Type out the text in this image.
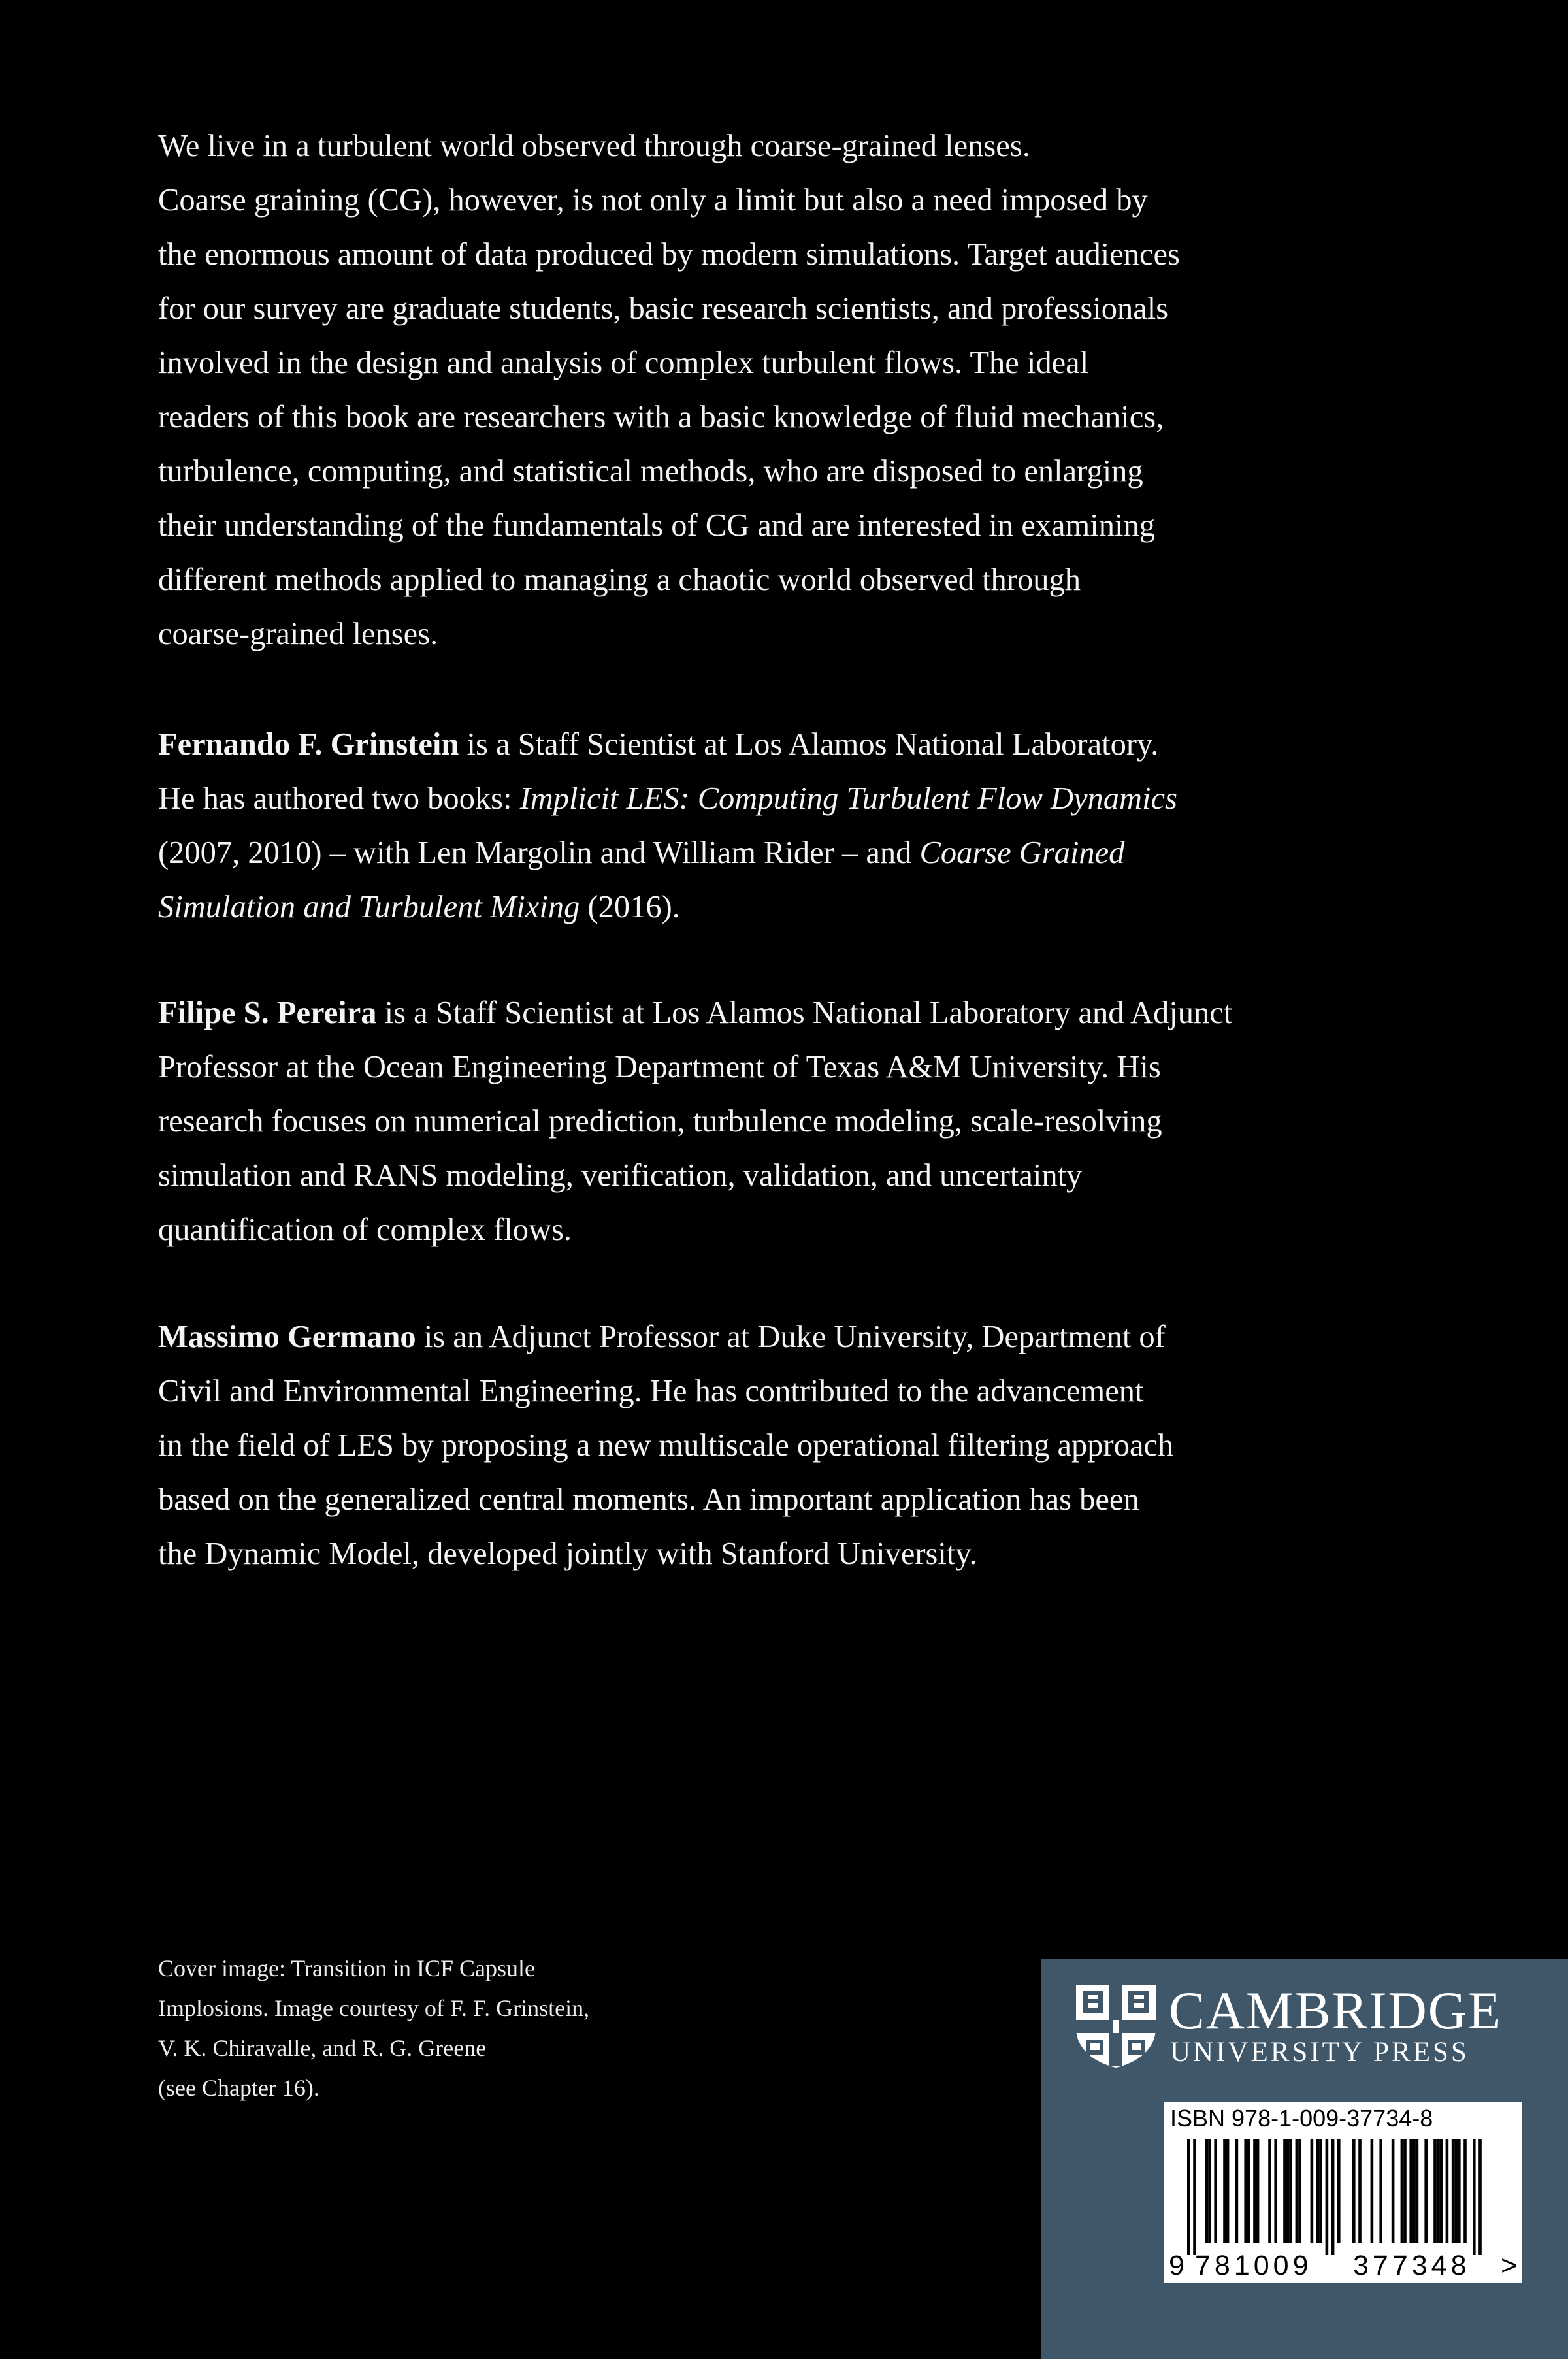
We live in a turbulent world observed through coarse-grained lenses.
Coarse graining (CG), however, is not only a limit but also a need imposed by
the enormous amount of data produced by modern simulations. Target audiences
for our survey are graduate students, basic research scientists, and professionals
involved in the design and analysis of complex turbulent flows. The ideal
readers of this book are researchers with a basic knowledge of fluid mechanics,
turbulence, computing, and statistical methods, who are disposed to enlarging
their understanding of the fundamentals of CG and are interested in examining
different methods applied to managing a chaotic world observed through
coarse-grained lenses.
Fernando F. Grinstein is a Staff Scientist at Los Alamos National Laboratory.
He has authored two books: Implicit LES: Computing Turbulent Flow Dynamics
(2007, 2010) – with Len Margolin and William Rider – and Coarse Grained
Simulation and Turbulent Mixing (2016).
Filipe S. Pereira is a Staff Scientist at Los Alamos National Laboratory and Adjunct
Professor at the Ocean Engineering Department of Texas A&M University. His
research focuses on numerical prediction, turbulence modeling, scale-resolving
simulation and RANS modeling, verification, validation, and uncertainty
quantification of complex flows.
Massimo Germano is an Adjunct Professor at Duke University, Department of
Civil and Environmental Engineering. He has contributed to the advancement
in the field of LES by proposing a new multiscale operational filtering approach
based on the generalized central moments. An important application has been
the Dynamic Model, developed jointly with Stanford University.
Cover image: Transition in ICF Capsule
Implosions. Image courtesy of F. F. Grinstein,
V. K. Chiravalle, and R. G. Greene
(see Chapter 16).
CAMBRIDGE
UNIVERSITY PRESS
ISBN 978-1-009-37734-8
9 781009 377348 >
